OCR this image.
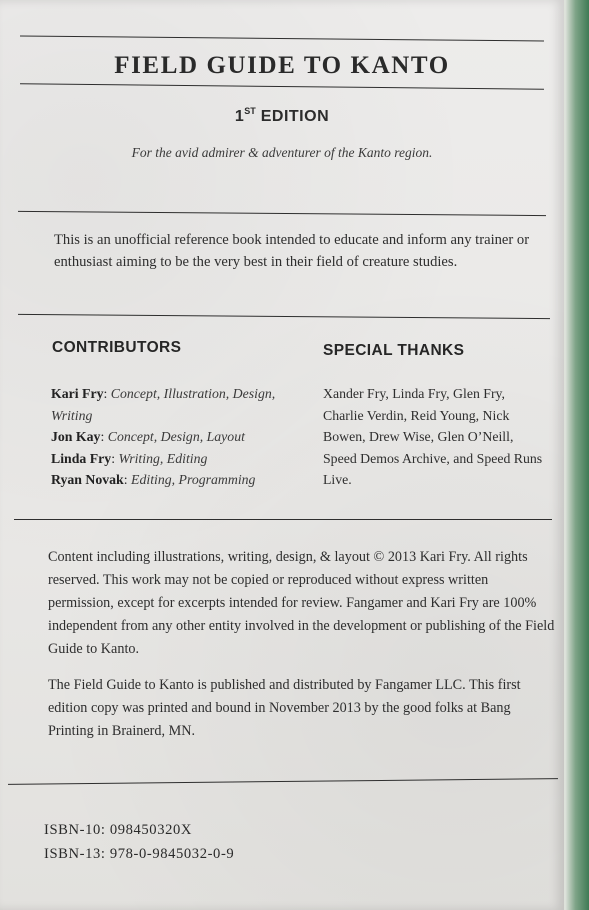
FIELD GUIDE TO KANTO
1ST EDITION
For the avid admirer & adventurer of the Kanto region.
This is an unofficial reference book intended to educate and inform any trainer or enthusiast aiming to be the very best in their field of creature studies.
CONTRIBUTORS	SPECIAL THANKS
Kari Fry: Concept, Illustration, Design, Writing
Jon Kay: Concept, Design, Layout
Linda Fry: Writing, Editing
Ryan Novak: Editing, Programming
Xander Fry, Linda Fry, Glen Fry, Charlie Verdin, Reid Young, Nick Bowen, Drew Wise, Glen O’Neill, Speed Demos Archive, and Speed Runs Live.

Content including illustrations, writing, design, & layout © 2013 Kari Fry. All rights reserved. This work may not be copied or reproduced without express written permission, except for excerpts intended for review. Fangamer and Kari Fry are 100% independent from any other entity involved in the development or publishing of the Field Guide to Kanto.

The Field Guide to Kanto is published and distributed by Fangamer LLC. This first edition copy was printed and bound in November 2013 by the good folks at Bang Printing in Brainerd, MN.

ISBN-10: 098450320X
ISBN-13: 978-0-9845032-0-9
